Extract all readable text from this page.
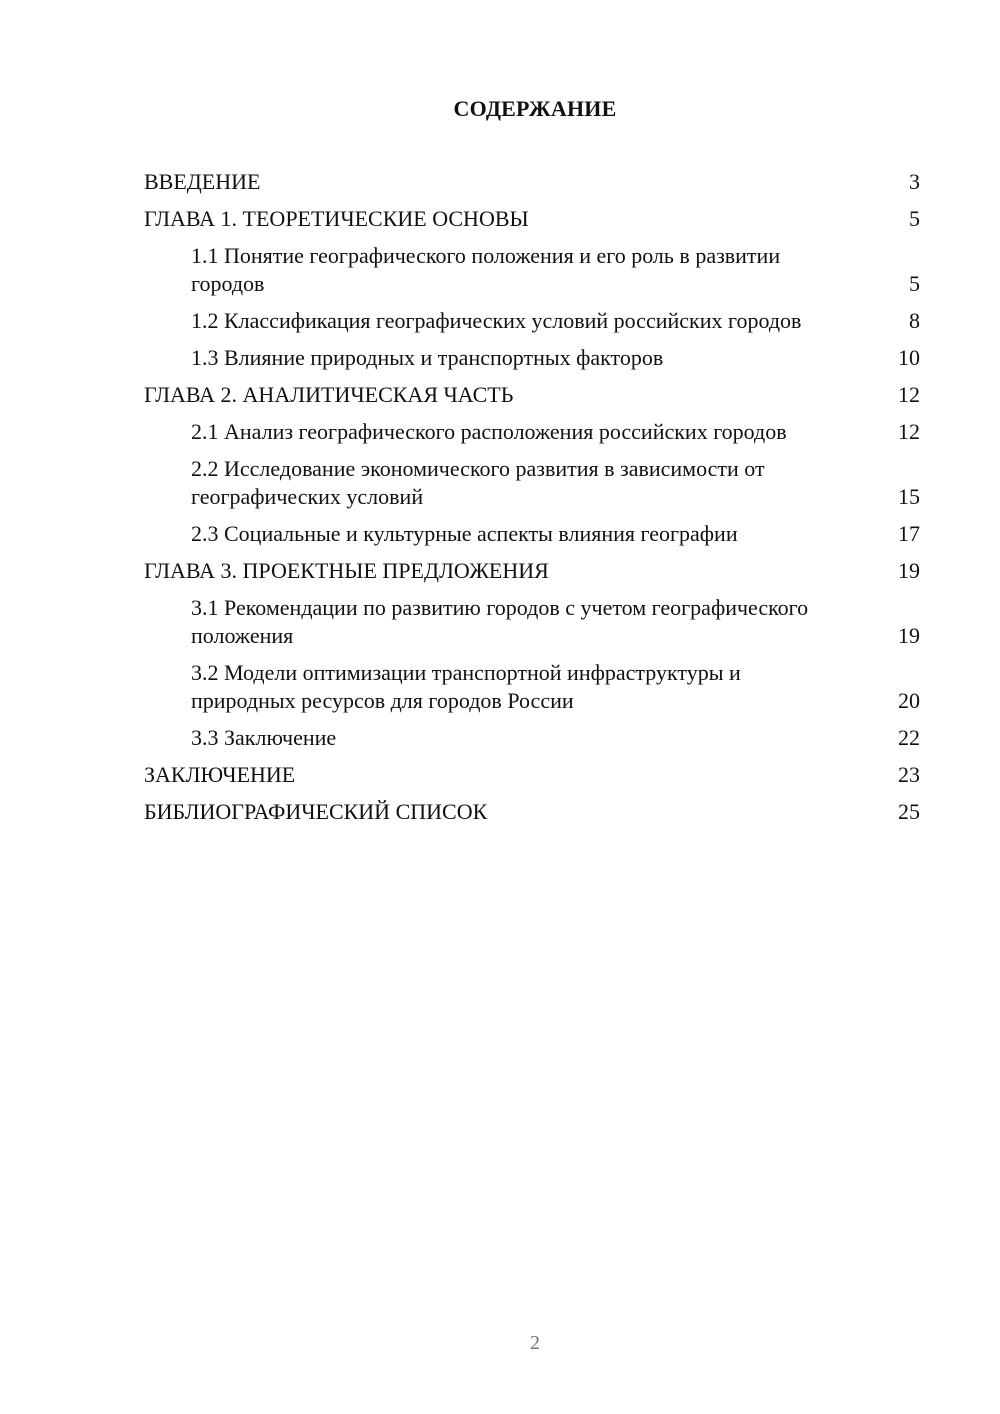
СОДЕРЖАНИЕ
ВВЕДЕНИЕ	3
ГЛАВА 1. ТЕОРЕТИЧЕСКИЕ ОСНОВЫ	5
1.1 Понятие географического положения и его роль в развитии городов	5
1.2 Классификация географических условий российских городов	8
1.3 Влияние природных и транспортных факторов	10
ГЛАВА 2. АНАЛИТИЧЕСКАЯ ЧАСТЬ	12
2.1 Анализ географического расположения российских городов	12
2.2 Исследование экономического развития в зависимости от географических условий	15
2.3 Социальные и культурные аспекты влияния географии	17
ГЛАВА 3. ПРОЕКТНЫЕ ПРЕДЛОЖЕНИЯ	19
3.1 Рекомендации по развитию городов с учетом географического положения	19
3.2 Модели оптимизации транспортной инфраструктуры и природных ресурсов для городов России	20
3.3 Заключение	22
ЗАКЛЮЧЕНИЕ	23
БИБЛИОГРАФИЧЕСКИЙ СПИСОК	25
2
